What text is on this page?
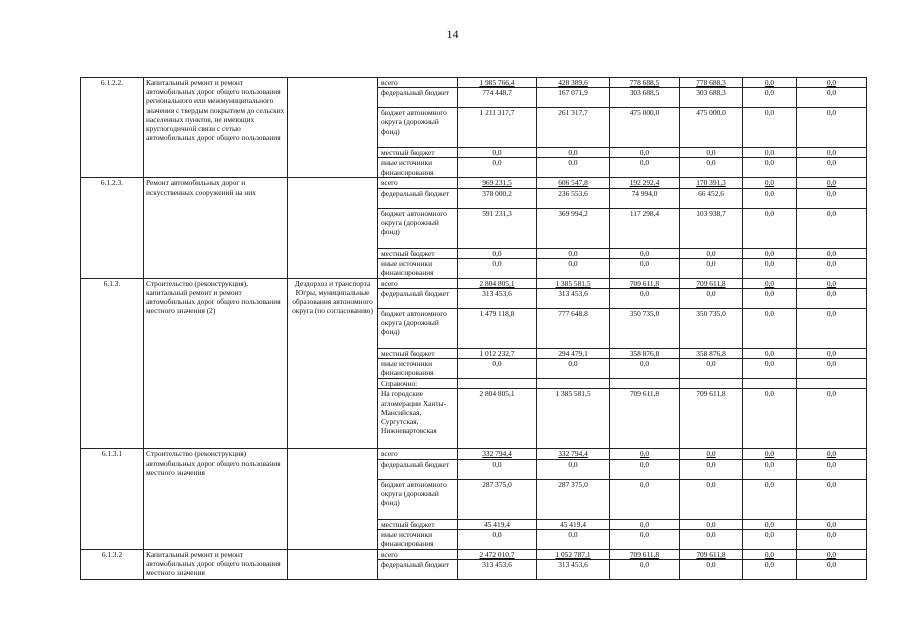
14
6.1.2.2.	Капитальный ремонт и ремонт автомобильных дорог общего пользования регионального или межмуниципального значения с твердым покрытием до сельских населенных пунктов, не имеющих круглогодичной связи с сетью автомобильных дорог общего пользования		всего	1 985 766,4	428 389,6	778 688,5	778 688,3	0,0	0,0
			федеральный бюджет	774 448,7	167 071,9	303 688,5	303 688,3	0,0	0,0
			бюджет автономного округа (дорожный фонд)	1 211 317,7	261 317,7	475 000,0	475 000,0	0,0	0,0
			местный бюджет	0,0	0,0	0,0	0,0	0,0	0,0
			иные источники финансирования	0,0	0,0	0,0	0,0	0,0	0,0
6.1.2.3.	Ремонт автомобильных дорог и искусственных сооружений на них		всего	969 231,5	606 547,8	192 292,4	170 391,3	0,0	0,0
			федеральный бюджет	378 000,2	236 553,6	74 994,0	66 452,6	0,0	0,0
			бюджет автономного округа (дорожный фонд)	591 231,3	369 994,2	117 298,4	103 938,7	0,0	0,0
			местный бюджет	0,0	0,0	0,0	0,0	0,0	0,0
			иные источники финансирования	0,0	0,0	0,0	0,0	0,0	0,0
6.1.3.	Строительство (реконструкция), капитальный ремонт и ремонт автомобильных дорог общего пользования местного значения (2)	Дездорхоз и транспорта Югры, муниципальные образования автономного округа (по согласованию)	всего	2 804 805,1	1 385 581,5	709 611,8	709 611,8	0,0	0,0
			федеральный бюджет	313 453,6	313 453,6	0,0	0,0	0,0	0,0
			бюджет автономного округа (дорожный фонд)	1 479 118,8	777 648,8	350 735,0	350 735,0	0,0	0,0
			местный бюджет	1 012 232,7	294 479,1	358 876,8	358 876,8	0,0	0,0
			иные источники финансирования	0,0	0,0	0,0	0,0	0,0	0,0
			Справочно:						
			На городские агломерации Ханты-Мансийская, Сургутская, Нижневартовская	2 804 805,1	1 385 581,5	709 611,8	709 611,8	0,0	0,0
6.1.3.1	Строительство (реконструкция) автомобильных дорог общего пользования местного значения		всего	332 794,4	332 794,4	0,0	0,0	0,0	0,0
			федеральный бюджет	0,0	0,0	0,0	0,0	0,0	0,0
			бюджет автономного округа (дорожный фонд)	287 375,0	287 375,0	0,0	0,0	0,0	0,0
			местный бюджет	45 419,4	45 419,4	0,0	0,0	0,0	0,0
			иные источники финансирования	0,0	0,0	0,0	0,0	0,0	0,0
6.1.3.2	Капитальный ремонт и ремонт автомобильных дорог общего пользования местного значения		всего	2 472 010,7	1 052 787,1	709 611,8	709 611,8	0,0	0,0
			федеральный бюджет	313 453,6	313 453,6	0,0	0,0	0,0	0,0
